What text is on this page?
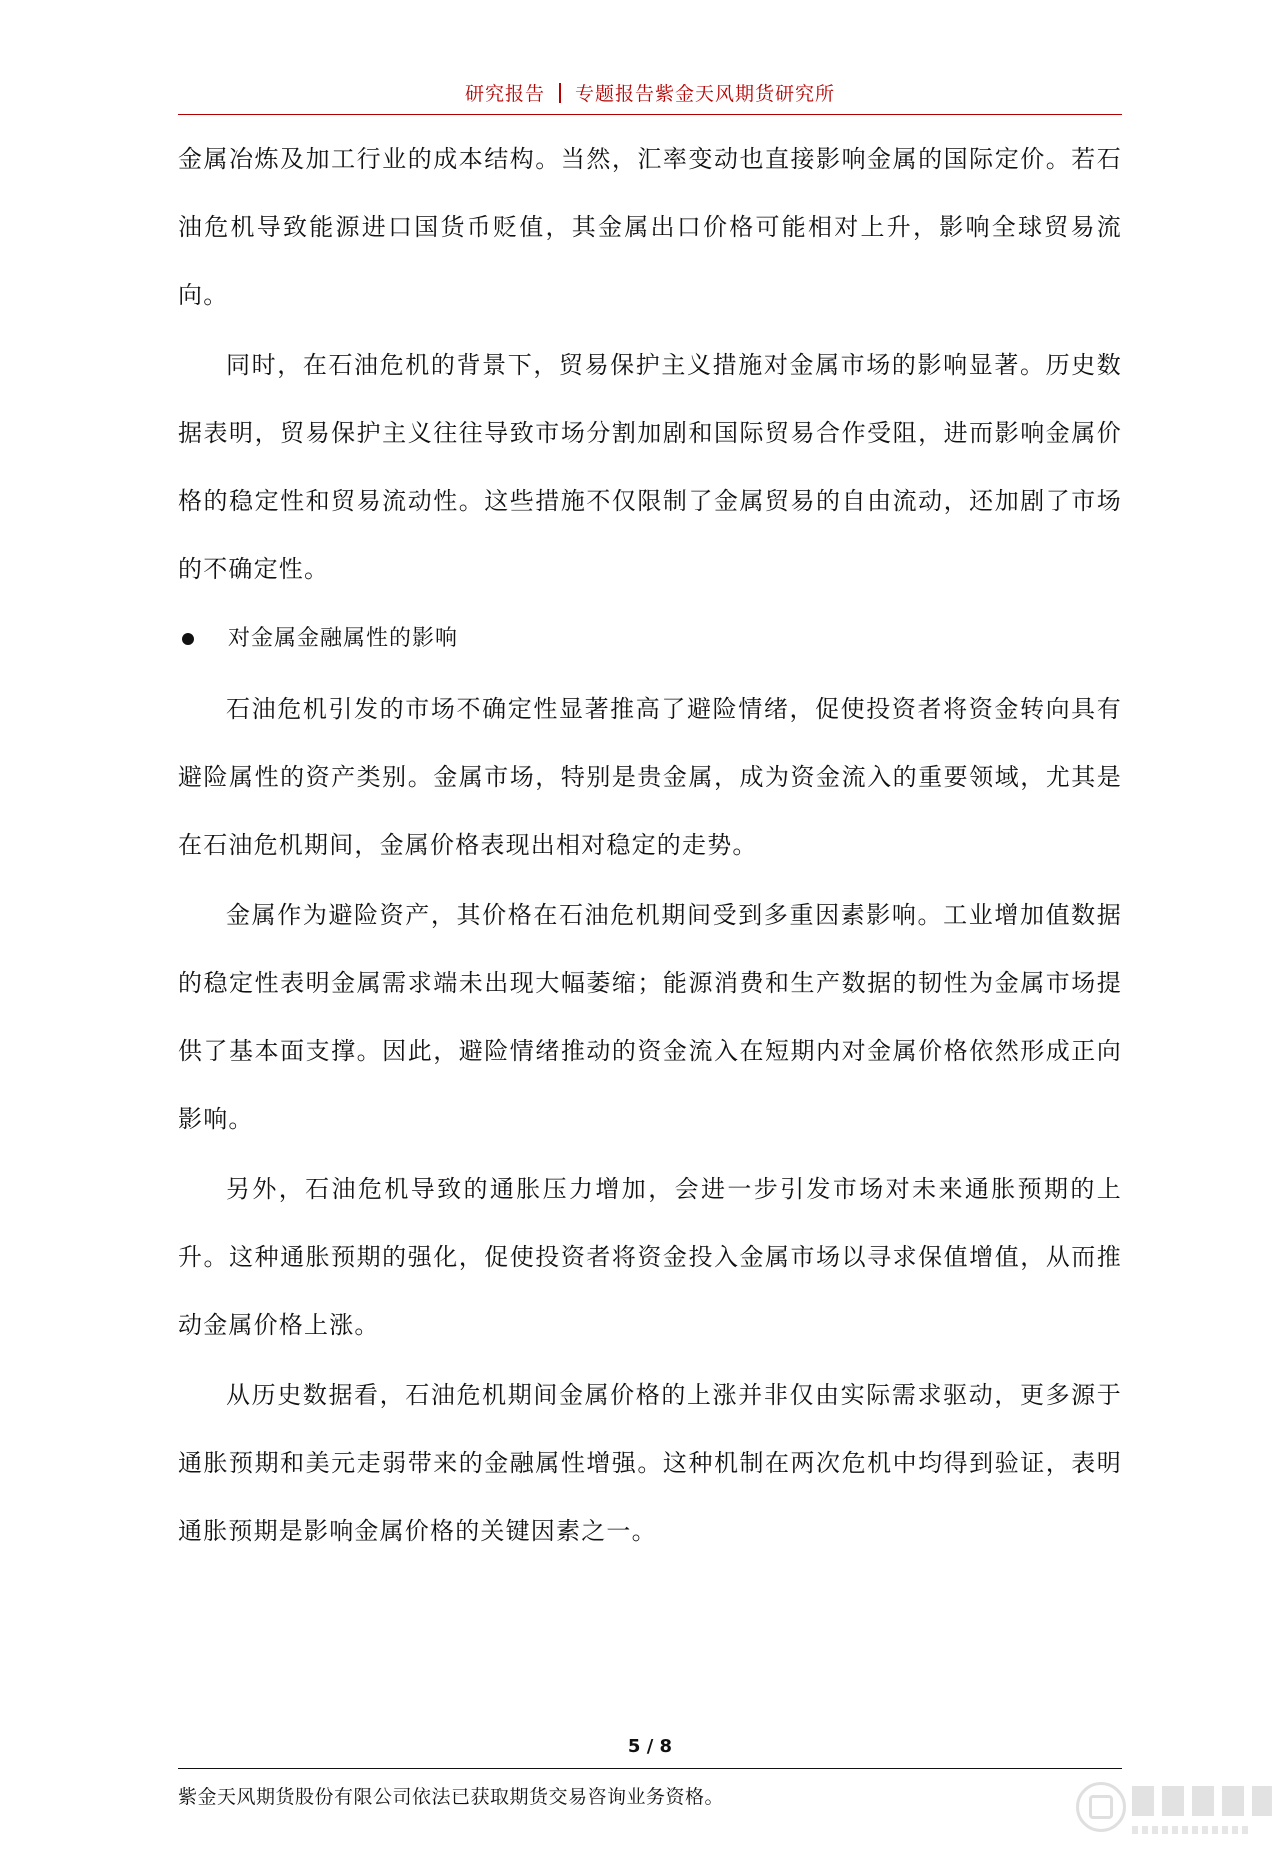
研究报告 专题报告紫金天风期货研究所

金属冶炼及加工行业的成本结构。当然，汇率变动也直接影响金属的国际定价。若石油危机导致能源进口国货币贬值，其金属出口价格可能相对上升，影响全球贸易流向。

同时，在石油危机的背景下，贸易保护主义措施对金属市场的影响显著。历史数据表明，贸易保护主义往往导致市场分割加剧和国际贸易合作受阻，进而影响金属价格的稳定性和贸易流动性。这些措施不仅限制了金属贸易的自由流动，还加剧了市场的不确定性。

对金属金融属性的影响

石油危机引发的市场不确定性显著推高了避险情绪，促使投资者将资金转向具有避险属性的资产类别。金属市场，特别是贵金属，成为资金流入的重要领域，尤其是在石油危机期间，金属价格表现出相对稳定的走势。

金属作为避险资产，其价格在石油危机期间受到多重因素影响。工业增加值数据的稳定性表明金属需求端未出现大幅萎缩；能源消费和生产数据的韧性为金属市场提供了基本面支撑。因此，避险情绪推动的资金流入在短期内对金属价格依然形成正向影响。

另外，石油危机导致的通胀压力增加，会进一步引发市场对未来通胀预期的上升。这种通胀预期的强化，促使投资者将资金投入金属市场以寻求保值增值，从而推动金属价格上涨。

从历史数据看，石油危机期间金属价格的上涨并非仅由实际需求驱动，更多源于通胀预期和美元走弱带来的金融属性增强。这种机制在两次危机中均得到验证，表明通胀预期是影响金属价格的关键因素之一。

5 / 8
紫金天风期货股份有限公司依法已获取期货交易咨询业务资格。
